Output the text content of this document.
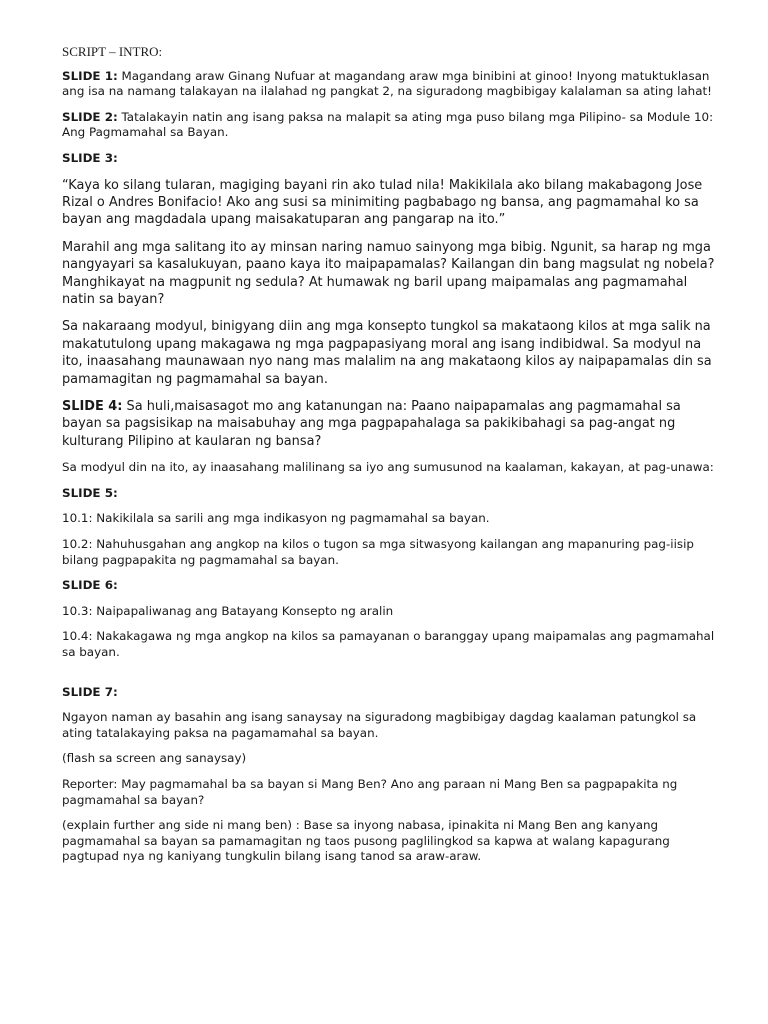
SCRIPT – INTRO:

SLIDE 1: Magandang araw Ginang Nufuar at magandang araw mga binibini at ginoo! Inyong matuktuklasan ang isa na namang talakayan na ilalahad ng pangkat 2, na siguradong magbibigay kalalaman sa ating lahat!

SLIDE 2: Tatalakayin natin ang isang paksa na malapit sa ating mga puso bilang mga Pilipino- sa Module 10: Ang Pagmamahal sa Bayan.

SLIDE 3:

“Kaya ko silang tularan, magiging bayani rin ako tulad nila! Makikilala ako bilang makabagong Jose Rizal o Andres Bonifacio! Ako ang susi sa minimiting pagbabago ng bansa, ang pagmamahal ko sa bayan ang magdadala upang maisakatuparan ang pangarap na ito.”

Marahil ang mga salitang ito ay minsan naring namuo sainyong mga bibig. Ngunit, sa harap ng mga nangyayari sa kasalukuyan, paano kaya ito maipapamalas? Kailangan din bang magsulat ng nobela? Manghikayat na magpunit ng sedula? At humawak ng baril upang maipamalas ang pagmamahal natin sa bayan?

Sa nakaraang modyul, binigyang diin ang mga konsepto tungkol sa makataong kilos at mga salik na makatutulong upang makagawa ng mga pagpapasiyang moral ang isang indibidwal. Sa modyul na ito, inaasahang maunawaan nyo nang mas malalim na ang makataong kilos ay naipapamalas din sa pamamagitan ng pagmamahal sa bayan.

SLIDE 4: Sa huli,maisasagot mo ang katanungan na: Paano naipapamalas ang pagmamahal sa bayan sa pagsisikap na maisabuhay ang mga pagpapahalaga sa pakikibahagi sa pag-angat ng kulturang Pilipino at kaularan ng bansa?

Sa modyul din na ito, ay inaasahang malilinang sa iyo ang sumusunod na kaalaman, kakayan, at pag-unawa:

SLIDE 5:

10.1: Nakikilala sa sarili ang mga indikasyon ng pagmamahal sa bayan.

10.2: Nahuhusgahan ang angkop na kilos o tugon sa mga sitwasyong kailangan ang mapanuring pag-iisip bilang pagpapakita ng pagmamahal sa bayan.

SLIDE 6:

10.3: Naipapaliwanag ang Batayang Konsepto ng aralin

10.4: Nakakagawa ng mga angkop na kilos sa pamayanan o baranggay upang maipamalas ang pagmamahal sa bayan.

SLIDE 7:

Ngayon naman ay basahin ang isang sanaysay na siguradong magbibigay dagdag kaalaman patungkol sa ating tatalakaying paksa na pagamamahal sa bayan.

(flash sa screen ang sanaysay)

Reporter: May pagmamahal ba sa bayan si Mang Ben? Ano ang paraan ni Mang Ben sa pagpapakita ng pagmamahal sa bayan?

(explain further ang side ni mang ben) : Base sa inyong nabasa, ipinakita ni Mang Ben ang kanyang pagmamahal sa bayan sa pamamagitan ng taos pusong paglilingkod sa kapwa at walang kapagurang pagtupad nya ng kaniyang tungkulin bilang isang tanod sa araw-araw.
